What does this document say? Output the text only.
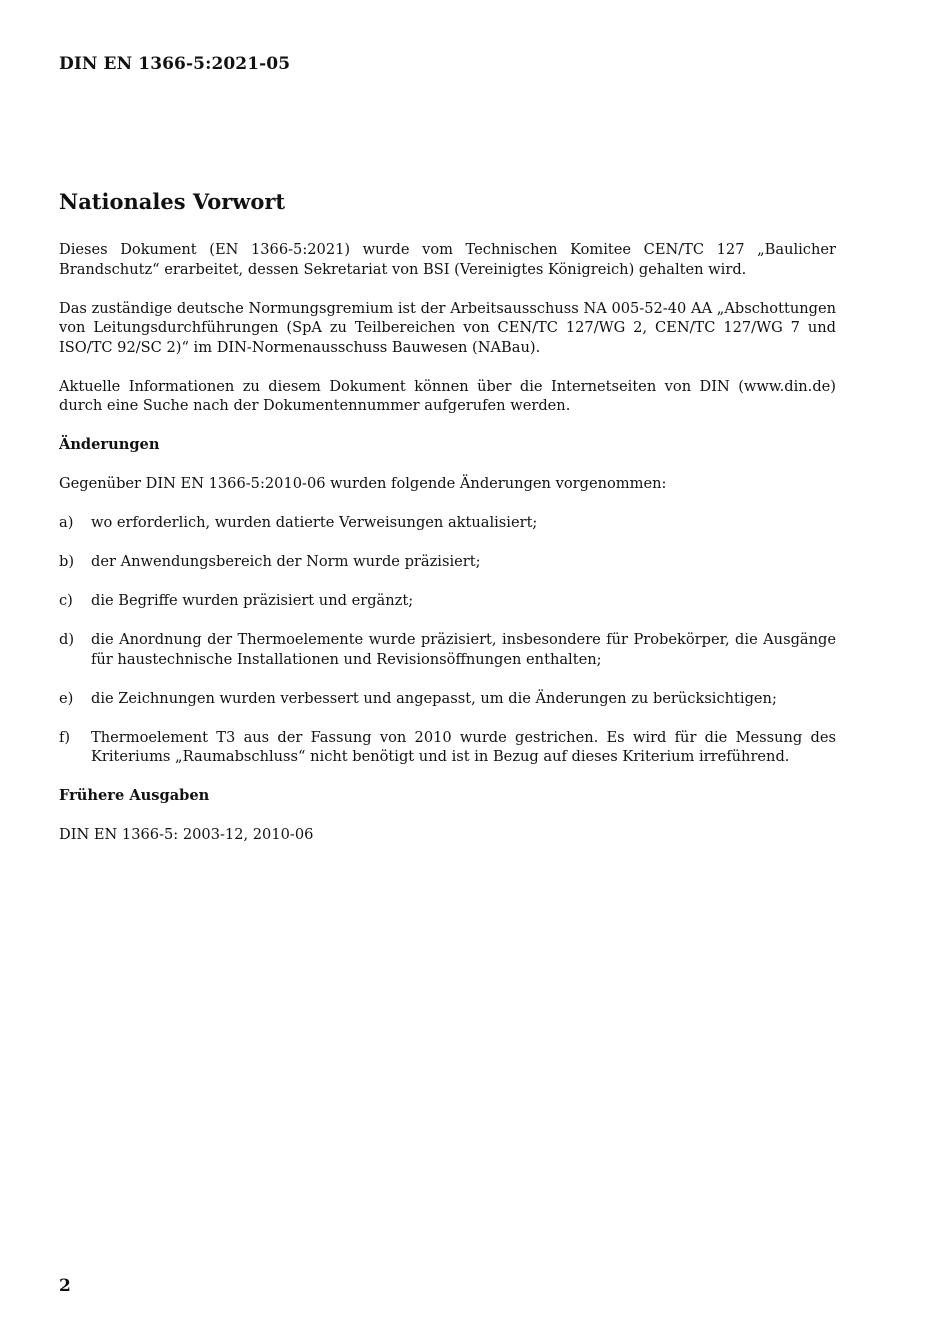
DIN EN 1366-5:2021-05
Nationales Vorwort

Dieses Dokument (EN 1366-5:2021) wurde vom Technischen Komitee CEN/TC 127 „Baulicher Brandschutz“ erarbeitet, dessen Sekretariat von BSI (Vereinigtes Königreich) gehalten wird.

Das zuständige deutsche Normungsgremium ist der Arbeitsausschuss NA 005-52-40 AA „Abschottungen von Leitungsdurchführungen (SpA zu Teilbereichen von CEN/TC 127/WG 2, CEN/TC 127/WG 7 und ISO/TC 92/SC 2)“ im DIN-Normenausschuss Bauwesen (NABau).

Aktuelle Informationen zu diesem Dokument können über die Internetseiten von DIN (www.din.de) durch eine Suche nach der Dokumentennummer aufgerufen werden.

Änderungen

Gegenüber DIN EN 1366-5:2010-06 wurden folgende Änderungen vorgenommen:

a)	wo erforderlich, wurden datierte Verweisungen aktualisiert;
b)	der Anwendungsbereich der Norm wurde präzisiert;
c)	die Begriffe wurden präzisiert und ergänzt;
d)	die Anordnung der Thermoelemente wurde präzisiert, insbesondere für Probekörper, die Ausgänge für haustechnische Installationen und Revisionsöffnungen enthalten;
e)	die Zeichnungen wurden verbessert und angepasst, um die Änderungen zu berücksichtigen;
f)	Thermoelement T3 aus der Fassung von 2010 wurde gestrichen. Es wird für die Messung des Kriteriums „Raumabschluss“ nicht benötigt und ist in Bezug auf dieses Kriterium irreführend.
Frühere Ausgaben

DIN EN 1366-5: 2003-12, 2010-06

2
